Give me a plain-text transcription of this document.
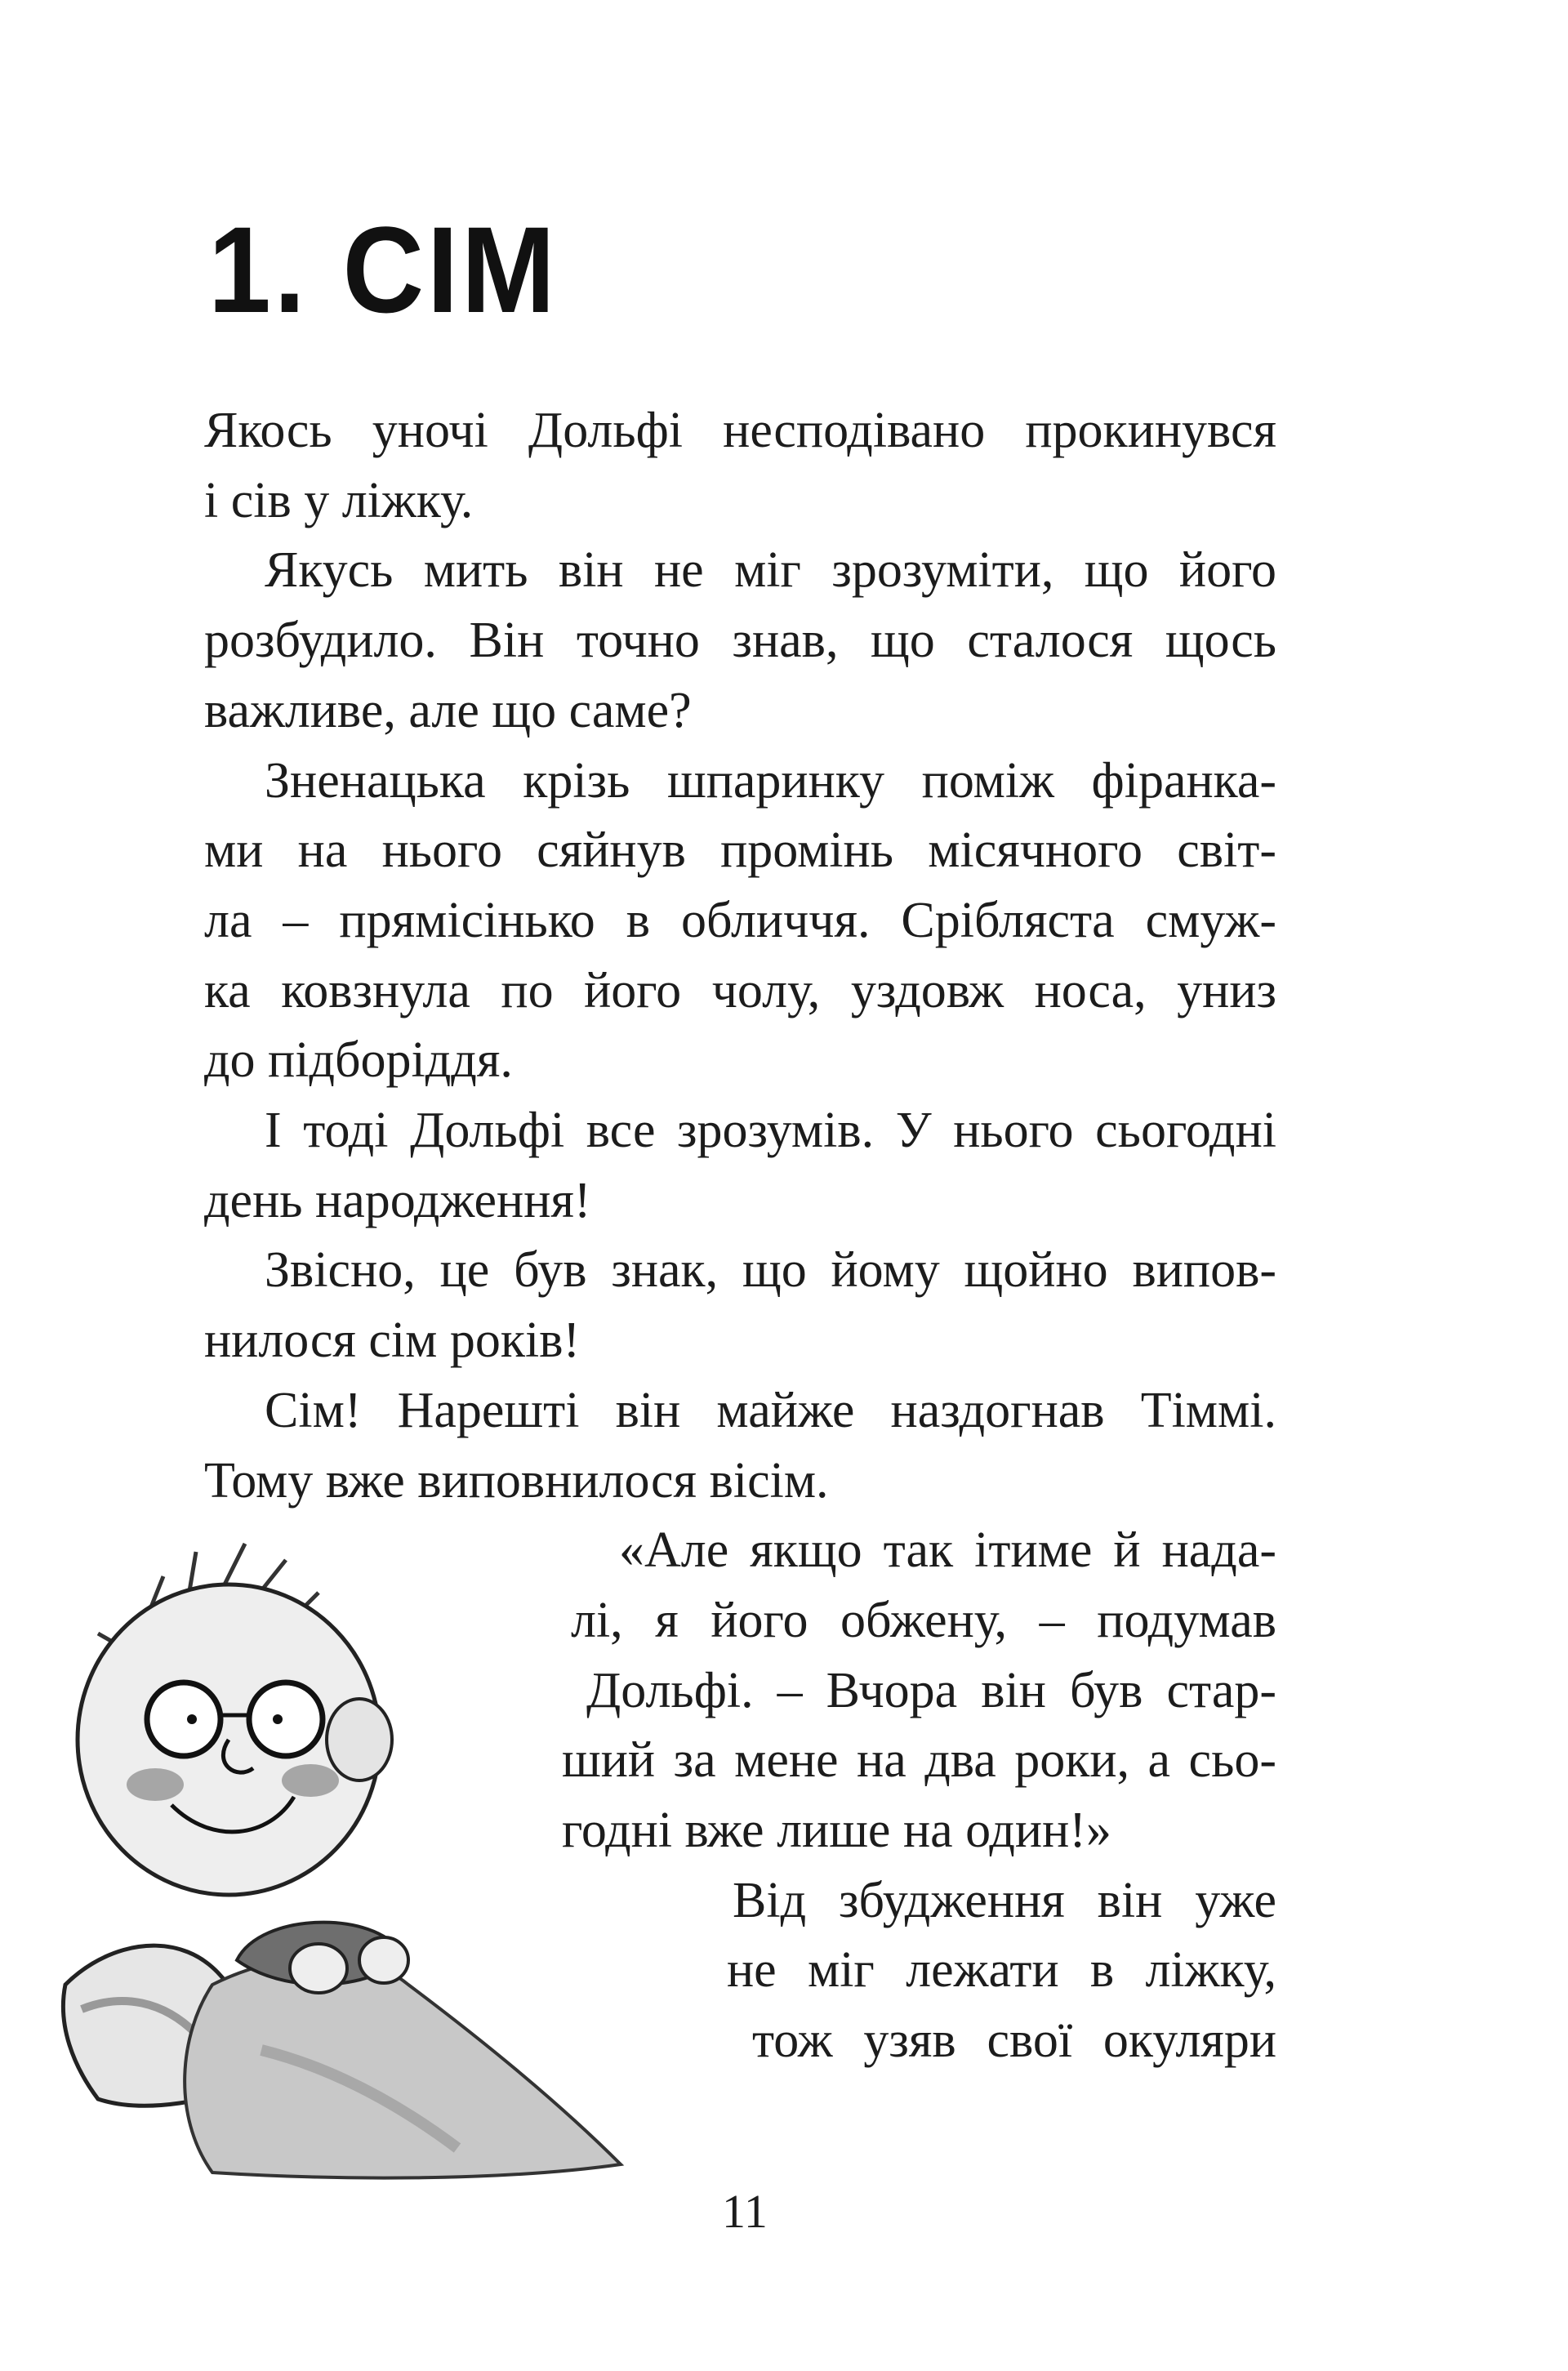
1. СІМ
Якось уночі Дольфі несподівано прокинувся
і сів у ліжку.
Якусь мить він не міг зрозуміти, що його
розбудило. Він точно знав, що сталося щось
важливе, але що саме?
Зненацька крізь шпаринку поміж фіранка-
ми на нього сяйнув промінь місячного світ-
ла – прямісінько в обличчя. Сріблястa смуж-
ка ковзнула по його чолу, уздовж носа, униз
до підборіддя.
І тоді Дольфі все зрозумів. У нього сьогодні
день народження!
Звісно, це був знак, що йому щойно випов-
нилося сім років!
Сім! Нарешті він майже наздогнав Тіммі.
Тому вже виповнилося вісім.
«Але якщо так ітиме й нада-
лі, я його обжену, – подумав
Дольфі. – Вчора він був стар-
ший за мене на два роки, а сьо-
годні вже лише на один!»
Від збудження він уже
не міг лежати в ліжку,
тож узяв свої окуляри
11
